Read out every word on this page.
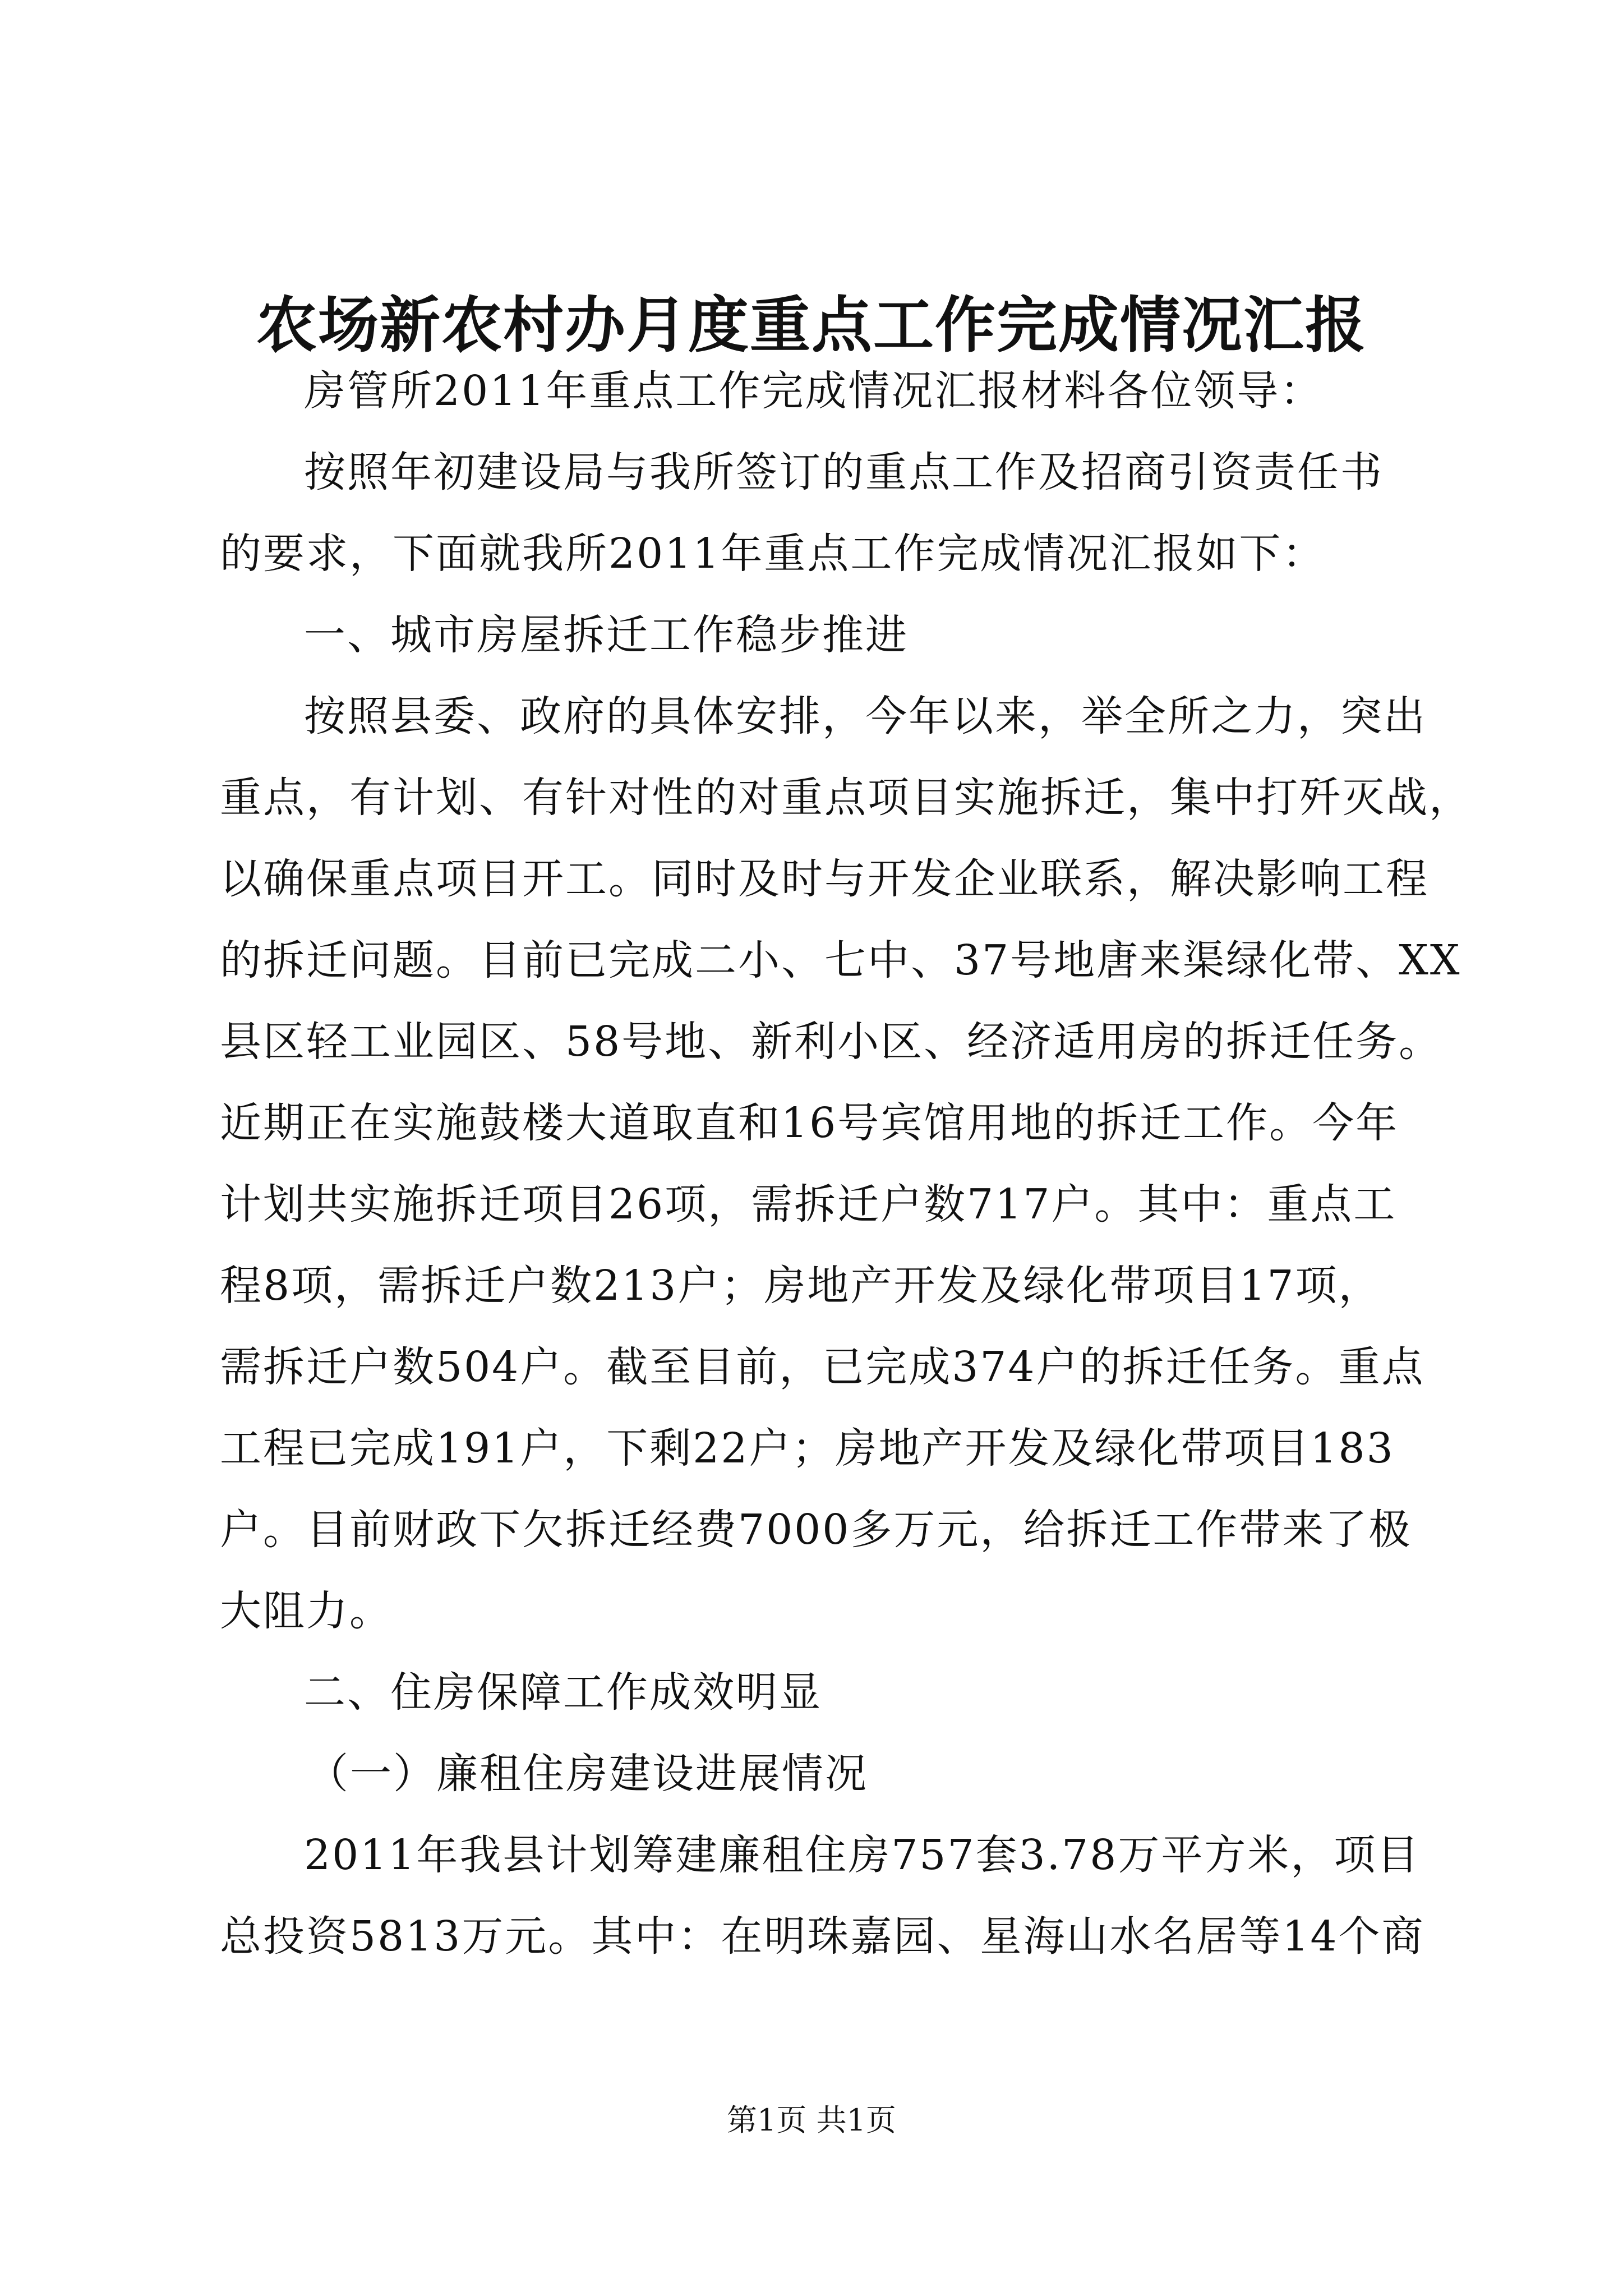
农场新农村办月度重点工作完成情况汇报
房管所2011年重点工作完成情况汇报材料各位领导：
按照年初建设局与我所签订的重点工作及招商引资责任书
的要求，下面就我所2011年重点工作完成情况汇报如下：
一、城市房屋拆迁工作稳步推进
按照县委、政府的具体安排，今年以来，举全所之力，突出
重点，有计划、有针对性的对重点项目实施拆迁，集中打歼灭战，
以确保重点项目开工。同时及时与开发企业联系，解决影响工程
的拆迁问题。目前已完成二小、七中、37号地唐来渠绿化带、XX
县区轻工业园区、58号地、新利小区、经济适用房的拆迁任务。
近期正在实施鼓楼大道取直和16号宾馆用地的拆迁工作。今年
计划共实施拆迁项目26项，需拆迁户数717户。其中：重点工
程8项，需拆迁户数213户；房地产开发及绿化带项目17项，
需拆迁户数504户。截至目前，已完成374户的拆迁任务。重点
工程已完成191户，下剩22户；房地产开发及绿化带项目183
户。目前财政下欠拆迁经费7000多万元，给拆迁工作带来了极
大阻力。
二、住房保障工作成效明显
（一）廉租住房建设进展情况
2011年我县计划筹建廉租住房757套3.78万平方米，项目
总投资5813万元。其中：在明珠嘉园、星海山水名居等14个商
第1页 共1页
